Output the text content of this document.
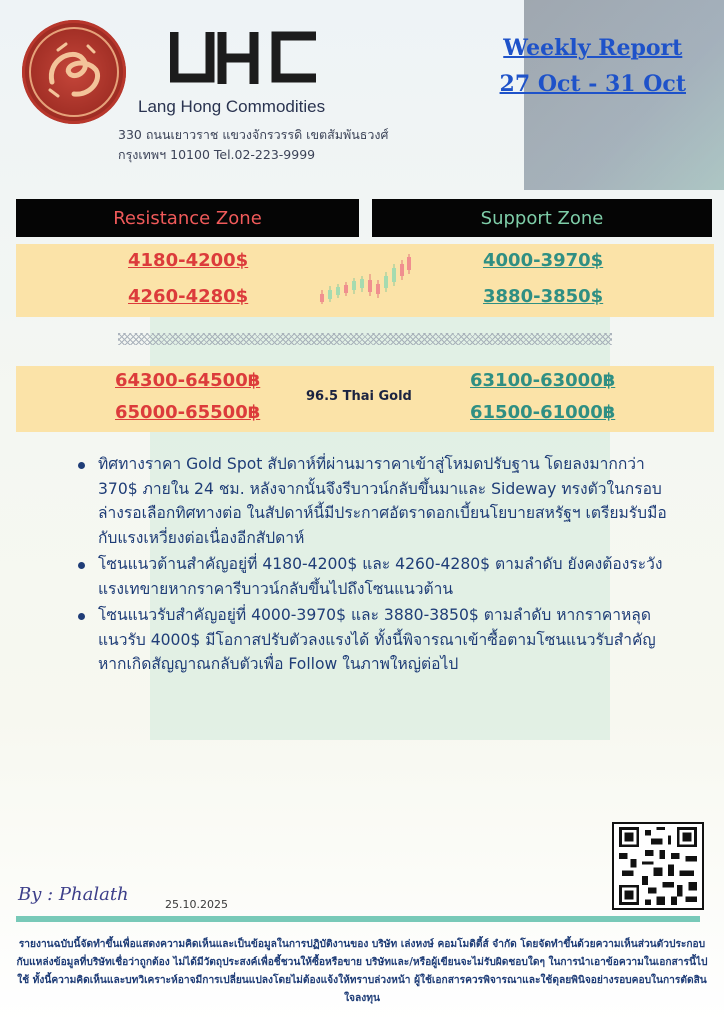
Lang Hong Commodities
330 ถนนเยาวราช แขวงจักรวรรดิ เขตสัมพันธวงศ์
กรุงเทพฯ 10100 Tel.02-223-9999
Weekly Report
27 Oct - 31 Oct
Resistance Zone	Support Zone
4180-4200$
4260-4280$
4000-3970$
3880-3850$
64300-64500฿
65000-65500฿
63100-63000฿
61500-61000฿
96.5 Thai Gold
ทิศทางราคา Gold Spot สัปดาห์ที่ผ่านมาราคาเข้าสู่โหมดปรับฐาน โดยลงมากกว่า 370$ ภายใน 24 ชม. หลังจากนั้นจึงรีบาวน์กลับขึ้นมาและ Sideway ทรงตัวในกรอบล่างรอเลือกทิศทางต่อ ในสัปดาห์นี้มีประกาศอัตราดอกเบี้ยนโยบายสหรัฐฯ เตรียมรับมือกับแรงเหวี่ยงต่อเนื่องอีกสัปดาห์
โซนแนวต้านสำคัญอยู่ที่ 4180-4200$ และ 4260-4280$ ตามลำดับ ยังคงต้องระวังแรงเทขายหากราคารีบาวน์กลับขึ้นไปถึงโซนแนวต้าน
โซนแนวรับสำคัญอยู่ที่ 4000-3970$ และ 3880-3850$ ตามลำดับ หากราคาหลุดแนวรับ 4000$ มีโอกาสปรับตัวลงแรงได้ ทั้งนี้พิจารณาเข้าซื้อตามโซนแนวรับสำคัญหากเกิดสัญญาณกลับตัวเพื่อ Follow ในภาพใหญ่ต่อไป
By : Phalath	25.10.2025
รายงานฉบับนี้จัดทำขึ้นเพื่อแสดงความคิดเห็นและเป็นข้อมูลในการปฏิบัติงานของ บริษัท เล่งหงษ์ คอมโมดิตี้ส์ จำกัด โดยจัดทำขึ้นด้วยความเห็นส่วนตัวประกอบกับแหล่งข้อมูลที่บริษัทเชื่อว่าถูกต้อง ไม่ได้มีวัตถุประสงค์เพื่อชี้ชวนให้ซื้อหรือขาย บริษัทและ/หรือผู้เขียนจะไม่รับผิดชอบใดๆ ในการนำเอาข้อความในเอกสารนี้ไปใช้ ทั้งนี้ความคิดเห็นและบทวิเคราะห์อาจมีการเปลี่ยนแปลงโดยไม่ต้องแจ้งให้ทราบล่วงหน้า ผู้ใช้เอกสารควรพิจารณาและใช้ดุลยพินิจอย่างรอบคอบในการตัดสินใจลงทุน
